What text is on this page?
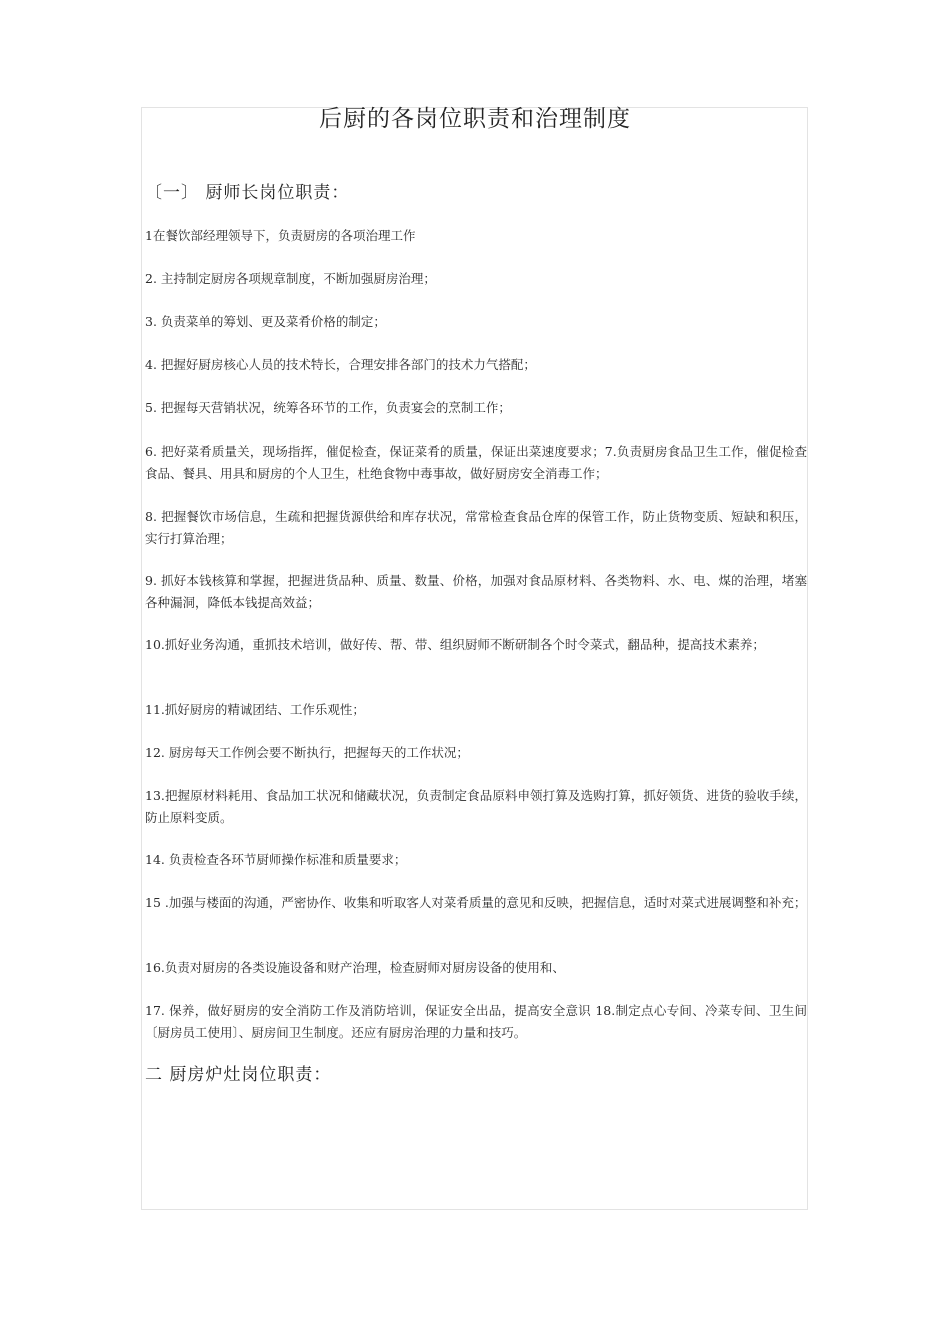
后厨的各岗位职责和治理制度
〔一〕 厨师长岗位职责：
1在餐饮部经理领导下，负责厨房的各项治理工作
2. 主持制定厨房各项规章制度，不断加强厨房治理；
3. 负责菜单的筹划、更及菜肴价格的制定；
4. 把握好厨房核心人员的技术特长，合理安排各部门的技术力气搭配；
5. 把握每天营销状况，统筹各环节的工作，负责宴会的烹制工作；
6. 把好菜肴质量关，现场指挥，催促检查，保证菜肴的质量，保证出菜速度要求；7.负责厨房食品卫生工作，催促检查食品、餐具、用具和厨房的个人卫生，杜绝食物中毒事故，做好厨房安全消毒工作；
8. 把握餐饮市场信息，生疏和把握货源供给和库存状况，常常检查食品仓库的保管工作，防止货物变质、短缺和积压，实行打算治理；
9. 抓好本钱核算和掌握，把握进货品种、质量、数量、价格，加强对食品原材料、各类物料、水、电、煤的治理，堵塞各种漏洞，降低本钱提高效益；
10.抓好业务沟通，重抓技术培训，做好传、帮、带、组织厨师不断研制各个时令菜式，翻品种，提高技术素养；
11.抓好厨房的精诚团结、工作乐观性；
12. 厨房每天工作例会要不断执行，把握每天的工作状况；
13.把握原材料耗用、食品加工状况和储藏状况，负责制定食品原料申领打算及选购打算，抓好领货、进货的验收手续，防止原料变质。
14. 负责检查各环节厨师操作标准和质量要求；
15 .加强与楼面的沟通，严密协作、收集和听取客人对菜肴质量的意见和反映，把握信息，适时对菜式进展调整和补充；
16.负责对厨房的各类设施设备和财产治理，检查厨师对厨房设备的使用和、
17. 保养，做好厨房的安全消防工作及消防培训，保证安全出品，提高安全意识 18.制定点心专间、冷菜专间、卫生间〔厨房员工使用〕、厨房间卫生制度。还应有厨房治理的力量和技巧。
二 厨房炉灶岗位职责：
